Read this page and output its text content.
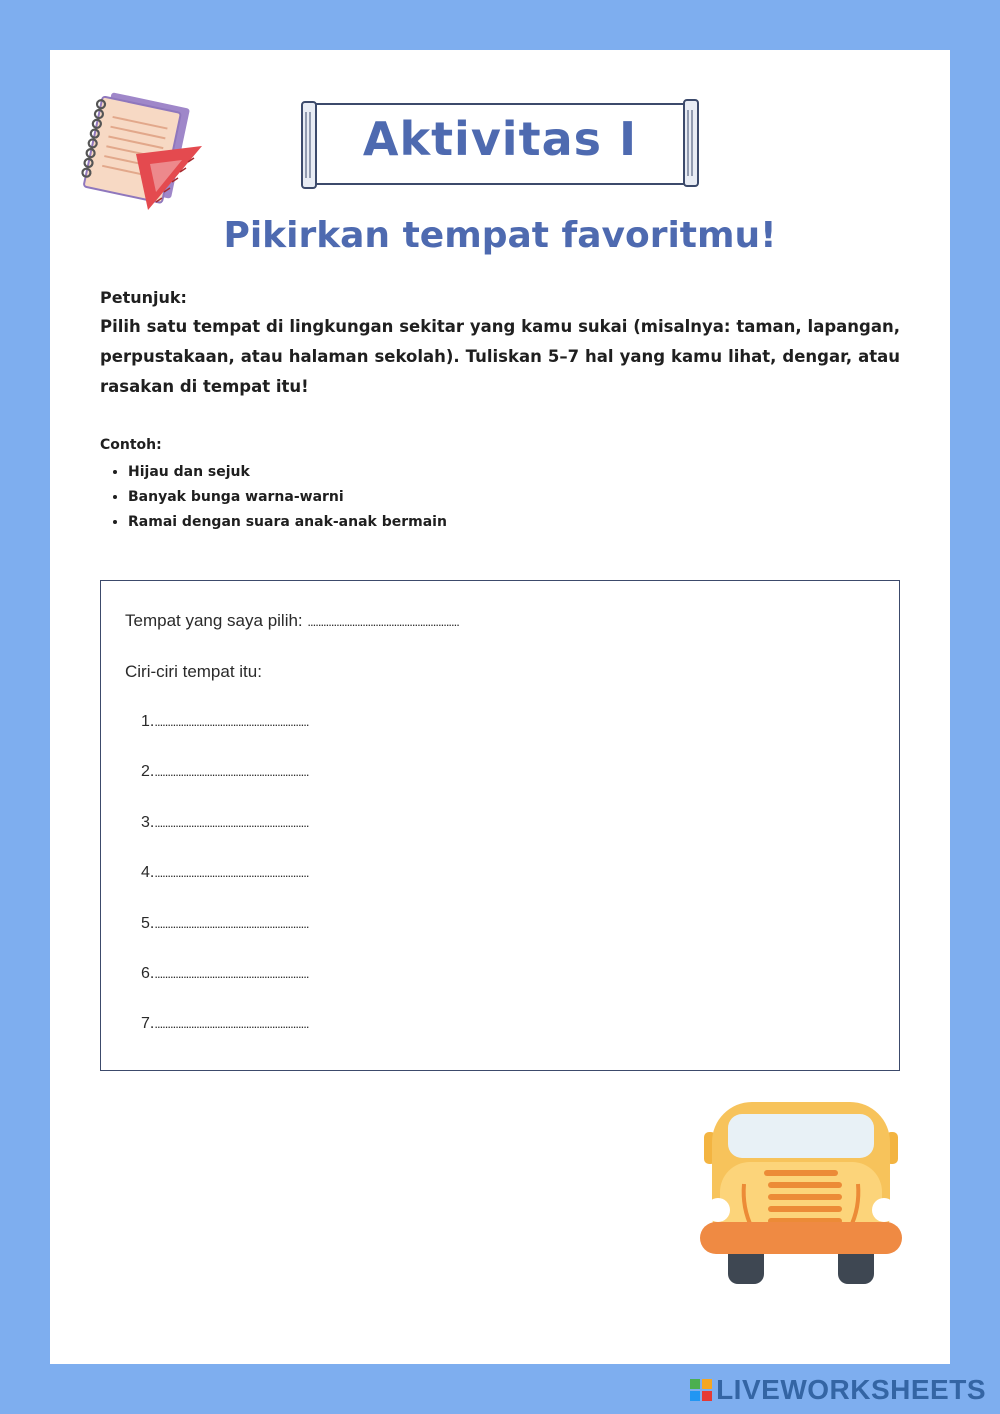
Aktivitas I
Pikirkan tempat favoritmu!
Petunjuk:
Pilih satu tempat di lingkungan sekitar yang kamu sukai (misalnya: taman, lapangan, perpustakaan, atau halaman sekolah). Tuliskan 5–7 hal yang kamu lihat, dengar, atau rasakan di tempat itu!
Contoh:
• Hijau dan sejuk
• Banyak bunga warna-warni
• Ramai dengan suara anak-anak bermain
Tempat yang saya pilih: ..........................................................
Ciri-ciri tempat itu:
1............................................................
2............................................................
3............................................................
4............................................................
5............................................................
6............................................................
7............................................................
LIVEWORKSHEETS
